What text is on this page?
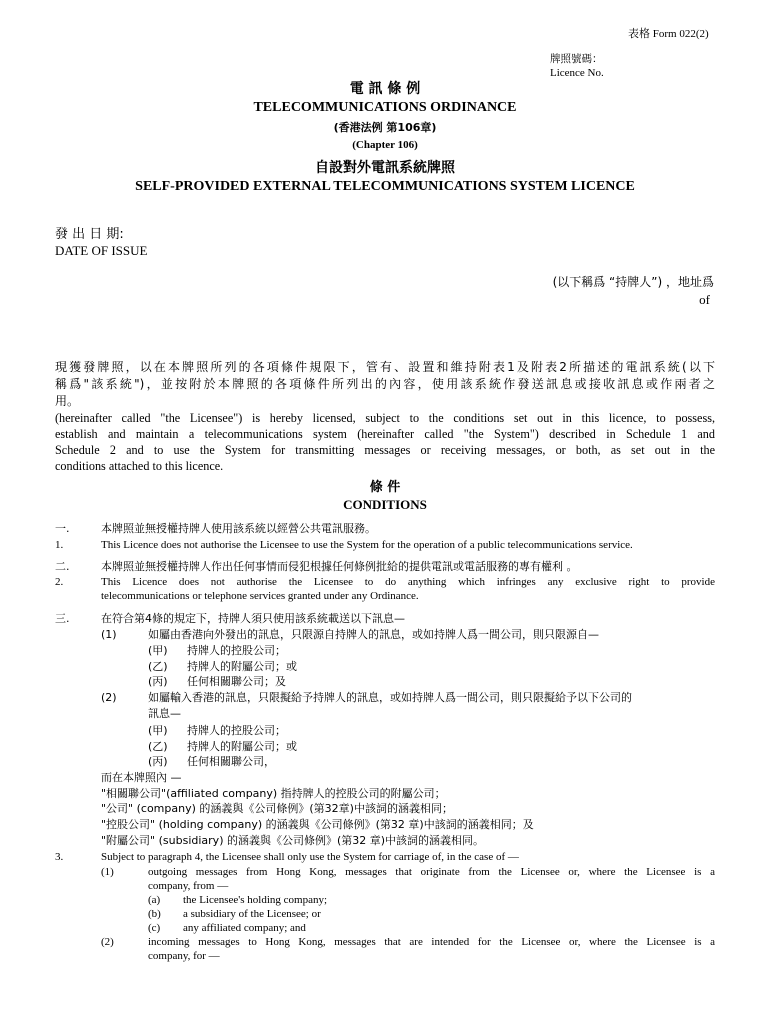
表格 Form 022(2)
牌照號碼：
Licence No.
電 訊 條 例
TELECOMMUNICATIONS ORDINANCE
(香港法例 第106章)
(Chapter 106)
自設對外電訊系統牌照
SELF-PROVIDED EXTERNAL TELECOMMUNICATIONS SYSTEM LICENCE
發 出 日 期:
DATE OF ISSUE
(以下稱爲 “持牌人”) ，地址爲
of
現獲發牌照，以在本牌照所列的各項條件規限下，管有、設置和維持附表1及附表2所描述的電訊系統(以下
稱爲"該系統")，並按附於本牌照的各項條件所列出的內容，使用該系統作發送訊息或接收訊息或作兩者之
用。
(hereinafter called "the Licensee") is hereby licensed, subject to the conditions set out in this licence, to possess,
establish and maintain a telecommunications system (hereinafter called "the System") described in Schedule 1 and
Schedule 2 and to use the System for transmitting messages or receiving messages, or both, as set out in the
conditions attached to this licence.
條 件
CONDITIONS
一.	本牌照並無授權持牌人使用該系統以經營公共電訊服務。
1.	This Licence does not authorise the Licensee to use the System for the operation of a public telecommunications service.
二.	本牌照並無授權持牌人作出任何事情而侵犯根據任何條例批給的提供電訊或電話服務的專有權利 。
2.	This Licence does not authorise the Licensee to do anything which infringes any exclusive right to provide
telecommunications or telephone services granted under any Ordinance.
三.	在符合第4條的規定下，持牌人須只使用該系統載送以下訊息—
(1)	如屬由香港向外發出的訊息，只限源自持牌人的訊息，或如持牌人爲一間公司，則只限源自—
(甲) 持牌人的控股公司；
(乙) 持牌人的附屬公司；或
(丙) 任何相關聯公司；及
(2)	如屬輸入香港的訊息，只限擬給予持牌人的訊息，或如持牌人爲一間公司，則只限擬給予以下公司的
訊息—
(甲) 持牌人的控股公司；
(乙) 持牌人的附屬公司；或
(丙) 任何相關聯公司，
而在本牌照內 —
"相關聯公司"(affiliated company) 指持牌人的控股公司的附屬公司；
"公司" (company) 的涵義與《公司條例》(第32章)中該詞的涵義相同；
"控股公司" (holding company) 的涵義與《公司條例》(第32 章)中該詞的涵義相同；及
"附屬公司" (subsidiary) 的涵義與《公司條例》(第32 章)中該詞的涵義相同。
3.	Subject to paragraph 4, the Licensee shall only use the System for carriage of, in the case of —
(1)	outgoing messages from Hong Kong, messages that originate from the Licensee or, where the Licensee is a
company, from —
(a) the Licensee's holding company;
(b) a subsidiary of the Licensee; or
(c) any affiliated company; and
(2)	incoming messages to Hong Kong, messages that are intended for the Licensee or, where the Licensee is a
company, for —
